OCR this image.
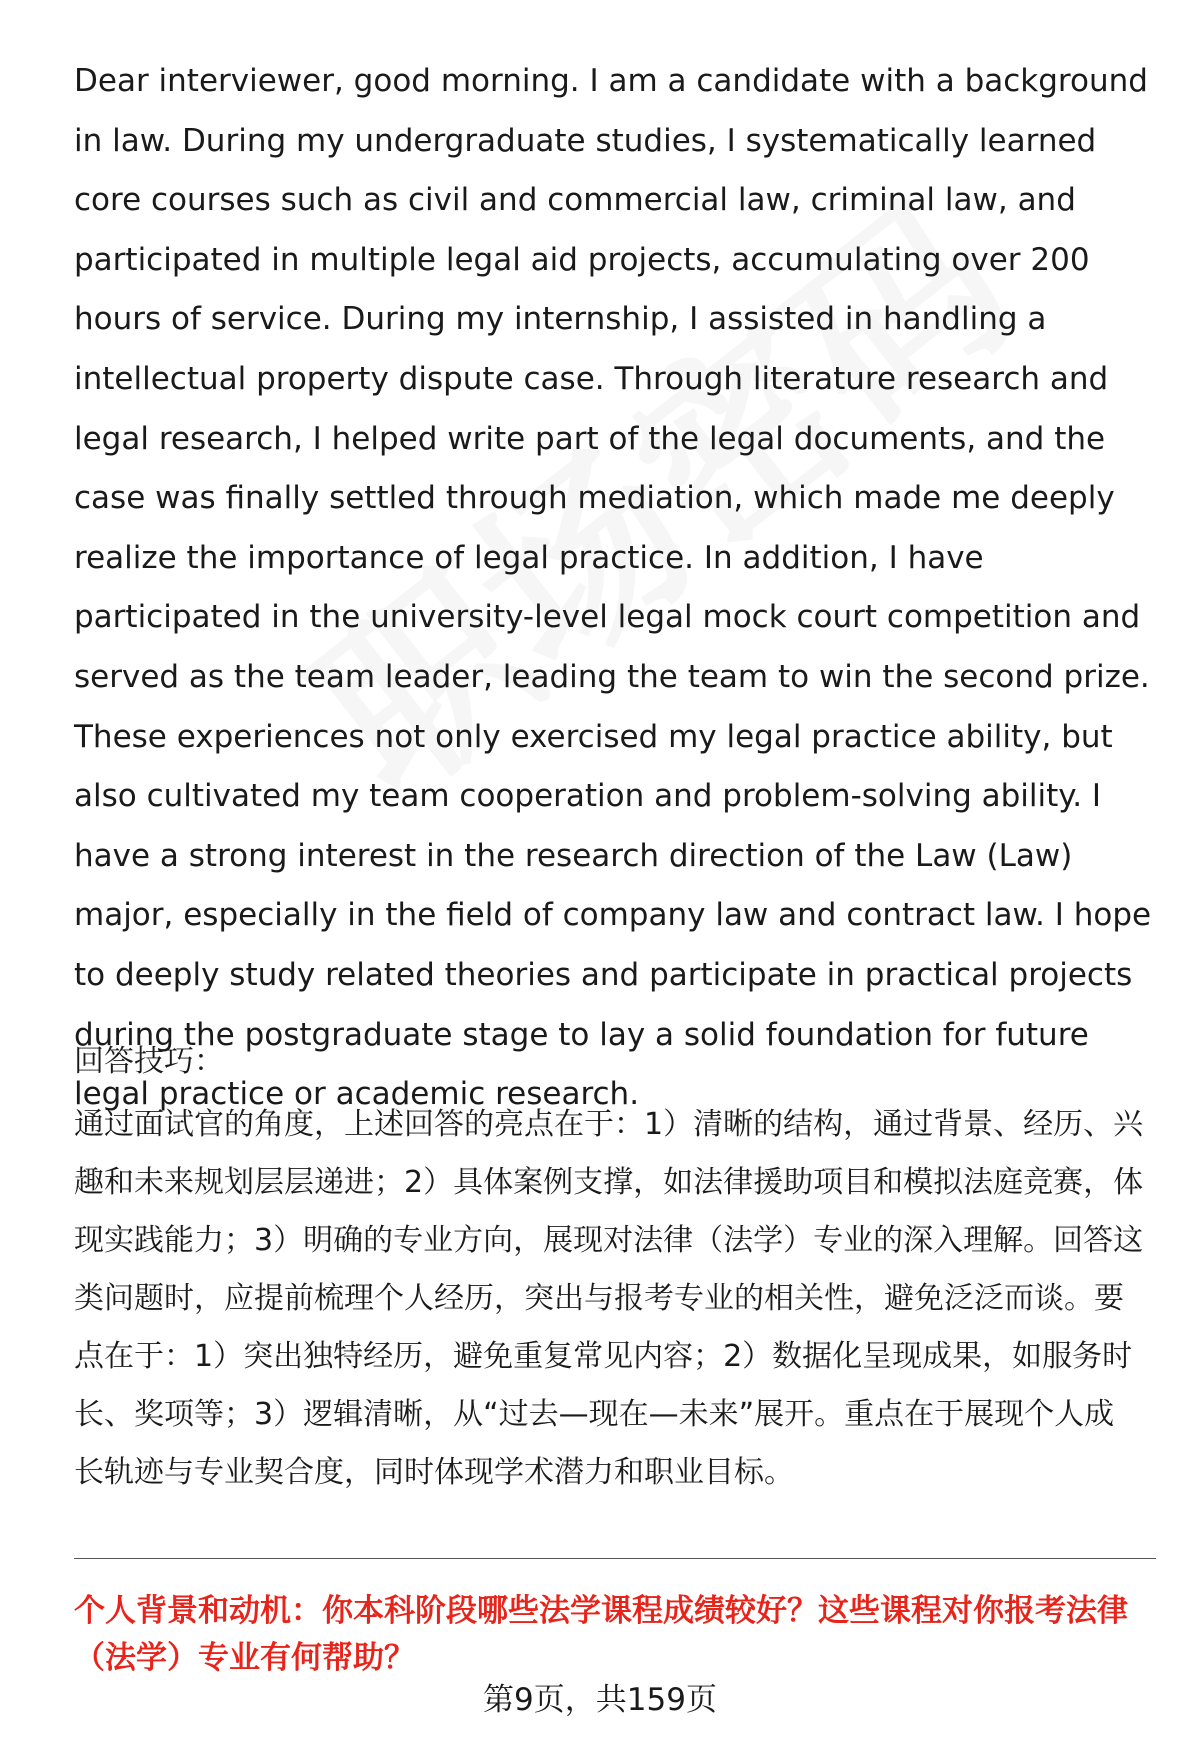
Dear interviewer, good morning. I am a candidate with a background in law. During my undergraduate studies, I systematically learned core courses such as civil and commercial law, criminal law, and participated in multiple legal aid projects, accumulating over 200 hours of service. During my internship, I assisted in handling a intellectual property dispute case. Through literature research and legal research, I helped write part of the legal documents, and the case was finally settled through mediation, which made me deeply realize the importance of legal practice. In addition, I have participated in the university-level legal mock court competition and served as the team leader, leading the team to win the second prize. These experiences not only exercised my legal practice ability, but also cultivated my team cooperation and problem-solving ability. I have a strong interest in the research direction of the Law (Law) major, especially in the field of company law and contract law. I hope to deeply study related theories and participate in practical projects during the postgraduate stage to lay a solid foundation for future legal practice or academic research.

回答技巧：

通过面试官的角度，上述回答的亮点在于：1）清晰的结构，通过背景、经历、兴趣和未来规划层层递进；2）具体案例支撑，如法律援助项目和模拟法庭竞赛，体现实践能力；3）明确的专业方向，展现对法律（法学）专业的深入理解。回答这类问题时，应提前梳理个人经历，突出与报考专业的相关性，避免泛泛而谈。要点在于：1）突出独特经历，避免重复常见内容；2）数据化呈现成果，如服务时长、奖项等；3）逻辑清晰，从“过去—现在—未来”展开。重点在于展现个人成长轨迹与专业契合度，同时体现学术潜力和职业目标。

个人背景和动机：你本科阶段哪些法学课程成绩较好？这些课程对你报考法律（法学）专业有何帮助？

第9页，共159页
